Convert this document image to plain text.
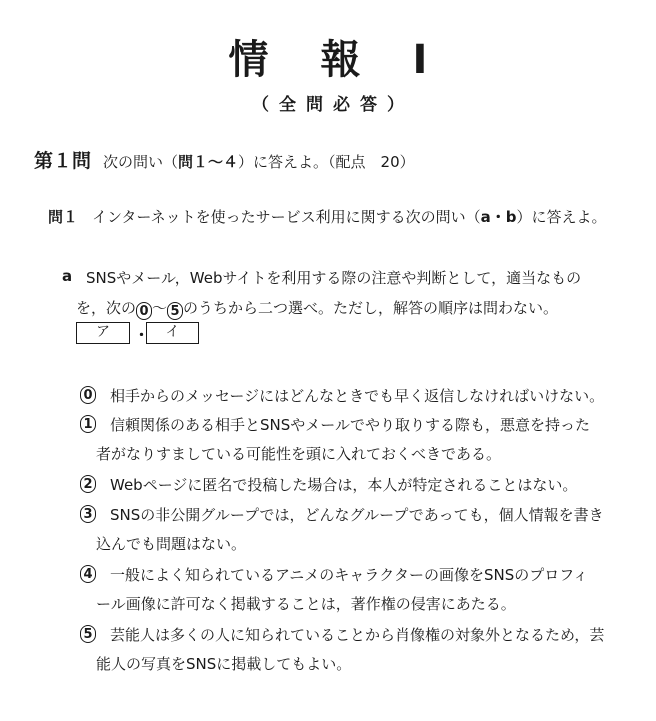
情報Ⅰ
（全問必答）
第１問 次の問い（問１～４）に答えよ。（配点　20）
問１ インターネットを使ったサービス利用に関する次の問い（a・b）に答えよ。
a SNSやメール，Webサイトを利用する際の注意や判断として，適当なもの
を，次の 0 ～ 5 のうちから二つ選べ。ただし，解答の順序は問わない。
ア	・	イ
0 相手からのメッセージにはどんなときでも早く返信しなければいけない。
1 信頼関係のある相手とSNSやメールでやり取りする際も，悪意を持った
者がなりすましている可能性を頭に入れておくべきである。
2 Webページに匿名で投稿した場合は，本人が特定されることはない。
3 SNSの非公開グループでは，どんなグループであっても，個人情報を書き
込んでも問題はない。
4 一般によく知られているアニメのキャラクターの画像をSNSのプロフィ
ール画像に許可なく掲載することは，著作権の侵害にあたる。
5 芸能人は多くの人に知られていることから肖像権の対象外となるため，芸
能人の写真をSNSに掲載してもよい。
